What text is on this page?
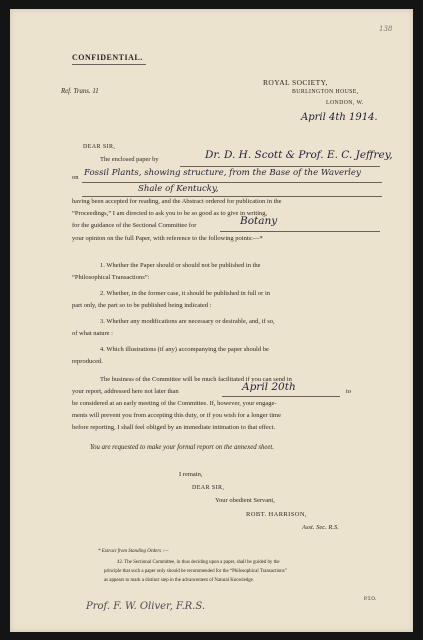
138
CONFIDENTIAL.
Ref. Trans. 11
ROYAL SOCIETY,
BURLINGTON HOUSE,
LONDON, W.
April 4th 1914.
DEAR SIR,
The enclosed paper by	Dr. D. H. Scott & Prof. E. C. Jeffrey,
on Fossil Plants, showing structure, from the Base of the Waverley
Shale of Kentucky,
having been accepted for reading, and the Abstract ordered for publication in the
“Proceedings,” I am directed to ask you to be so good as to give in writing,
for the guidance of the Sectional Committee for	Botany
your opinion on the full Paper, with reference to the following points:—*
1. Whether the Paper should or should not be published in the
“Philosophical Transactions”:
2. Whether, in the former case, it should be published in full or in
part only, the part so to be published being indicated :
3. Whether any modifications are necessary or desirable, and, if so,
of what nature :
4. Which illustrations (if any) accompanying the paper should be
reproduced.
The business of the Committee will be much facilitated if you can send in
your report, addressed here not later than	April 20th	to
be considered at an early meeting of the Committee. If, however, your engage-
ments will prevent you from accepting this duty, or if you wish for a longer time
before reporting, I shall feel obliged by an immediate intimation to that effect.
You are requested to make your formal report on the annexed sheet.
I remain,
DEAR SIR,
Your obedient Servant,
ROBT. HARRISON,
Asst. Sec. R.S.
* Extract from Standing Orders :—
42. The Sectional Committee, in thus deciding upon a paper, shall be guided by the
principle that such a paper only should be recommended for the “Philosophical Transactions”
as appears to mark a distinct step in the advancement of Natural Knowledge.
P.T.O.
Prof. F. W. Oliver, F.R.S.
